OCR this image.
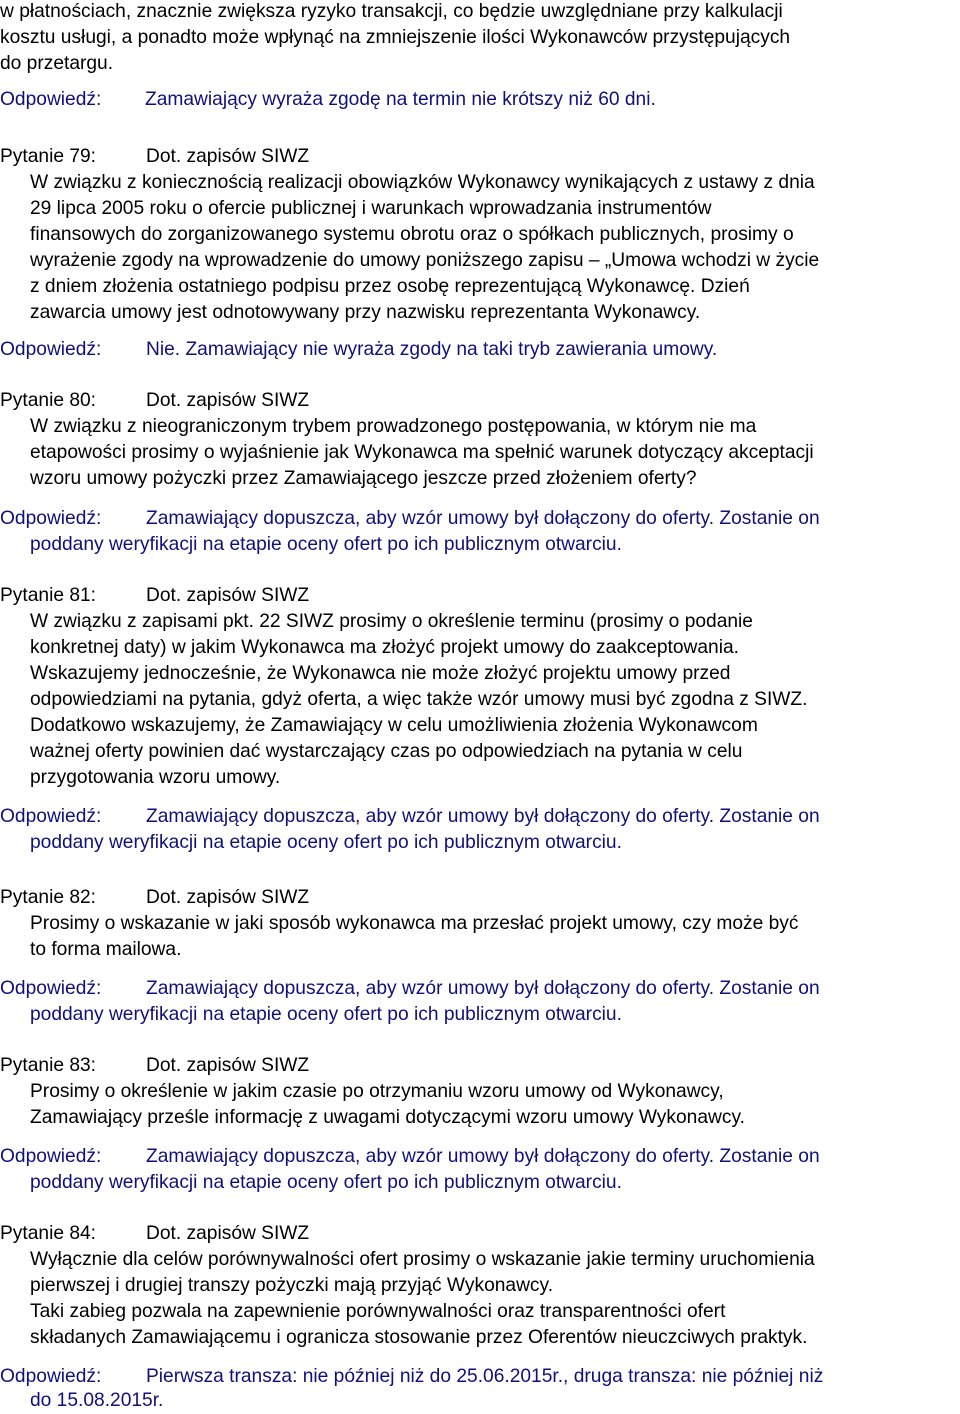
w płatnościach, znacznie zwiększa ryzyko transakcji, co będzie uwzględniane przy kalkulacji
kosztu usługi, a ponadto może wpłynąć na zmniejszenie ilości Wykonawców przystępujących
do przetargu.
Odpowiedź: Zamawiający wyraża zgodę na termin nie krótszy niż 60 dni.
Pytanie 79:	Dot. zapisów SIWZ
W związku z koniecznością realizacji obowiązków Wykonawcy wynikających z ustawy z dnia
29 lipca 2005 roku o ofercie publicznej i warunkach wprowadzania instrumentów
finansowych do zorganizowanego systemu obrotu oraz o spółkach publicznych, prosimy o
wyrażenie zgody na wprowadzenie do umowy poniższego zapisu – „Umowa wchodzi w życie
z dniem złożenia ostatniego podpisu przez osobę reprezentującą Wykonawcę. Dzień
zawarcia umowy jest odnotowywany przy nazwisku reprezentanta Wykonawcy.
Odpowiedź: Nie. Zamawiający nie wyraża zgody na taki tryb zawierania umowy.
Pytanie 80:	Dot. zapisów SIWZ
W związku z nieograniczonym trybem prowadzonego postępowania, w którym nie ma
etapowości prosimy o wyjaśnienie jak Wykonawca ma spełnić warunek dotyczący akceptacji
wzoru umowy pożyczki przez Zamawiającego jeszcze przed złożeniem oferty?
Odpowiedź: Zamawiający dopuszcza, aby wzór umowy był dołączony do oferty. Zostanie on
poddany weryfikacji na etapie oceny ofert po ich publicznym otwarciu.
Pytanie 81:	Dot. zapisów SIWZ
W związku z zapisami pkt. 22 SIWZ prosimy o określenie terminu (prosimy o podanie
konkretnej daty) w jakim Wykonawca ma złożyć projekt umowy do zaakceptowania.
Wskazujemy jednocześnie, że Wykonawca nie może złożyć projektu umowy przed
odpowiedziami na pytania, gdyż oferta, a więc także wzór umowy musi być zgodna z SIWZ.
Dodatkowo wskazujemy, że Zamawiający w celu umożliwienia złożenia Wykonawcom
ważnej oferty powinien dać wystarczający czas po odpowiedziach na pytania w celu
przygotowania wzoru umowy.
Odpowiedź: Zamawiający dopuszcza, aby wzór umowy był dołączony do oferty. Zostanie on
poddany weryfikacji na etapie oceny ofert po ich publicznym otwarciu.
Pytanie 82:	Dot. zapisów SIWZ
Prosimy o wskazanie w jaki sposób wykonawca ma przesłać projekt umowy, czy może być
to forma mailowa.
Odpowiedź: Zamawiający dopuszcza, aby wzór umowy był dołączony do oferty. Zostanie on
poddany weryfikacji na etapie oceny ofert po ich publicznym otwarciu.
Pytanie 83:	Dot. zapisów SIWZ
Prosimy o określenie w jakim czasie po otrzymaniu wzoru umowy od Wykonawcy,
Zamawiający prześle informację z uwagami dotyczącymi wzoru umowy Wykonawcy.
Odpowiedź: Zamawiający dopuszcza, aby wzór umowy był dołączony do oferty. Zostanie on
poddany weryfikacji na etapie oceny ofert po ich publicznym otwarciu.
Pytanie 84:	Dot. zapisów SIWZ
Wyłącznie dla celów porównywalności ofert prosimy o wskazanie jakie terminy uruchomienia
pierwszej i drugiej transzy pożyczki mają przyjąć Wykonawcy.
Taki zabieg pozwala na zapewnienie porównywalności oraz transparentności ofert
składanych Zamawiającemu i ogranicza stosowanie przez Oferentów nieuczciwych praktyk.
Odpowiedź: Pierwsza transza: nie później niż do 25.06.2015r., druga transza: nie później niż
do 15.08.2015r.
